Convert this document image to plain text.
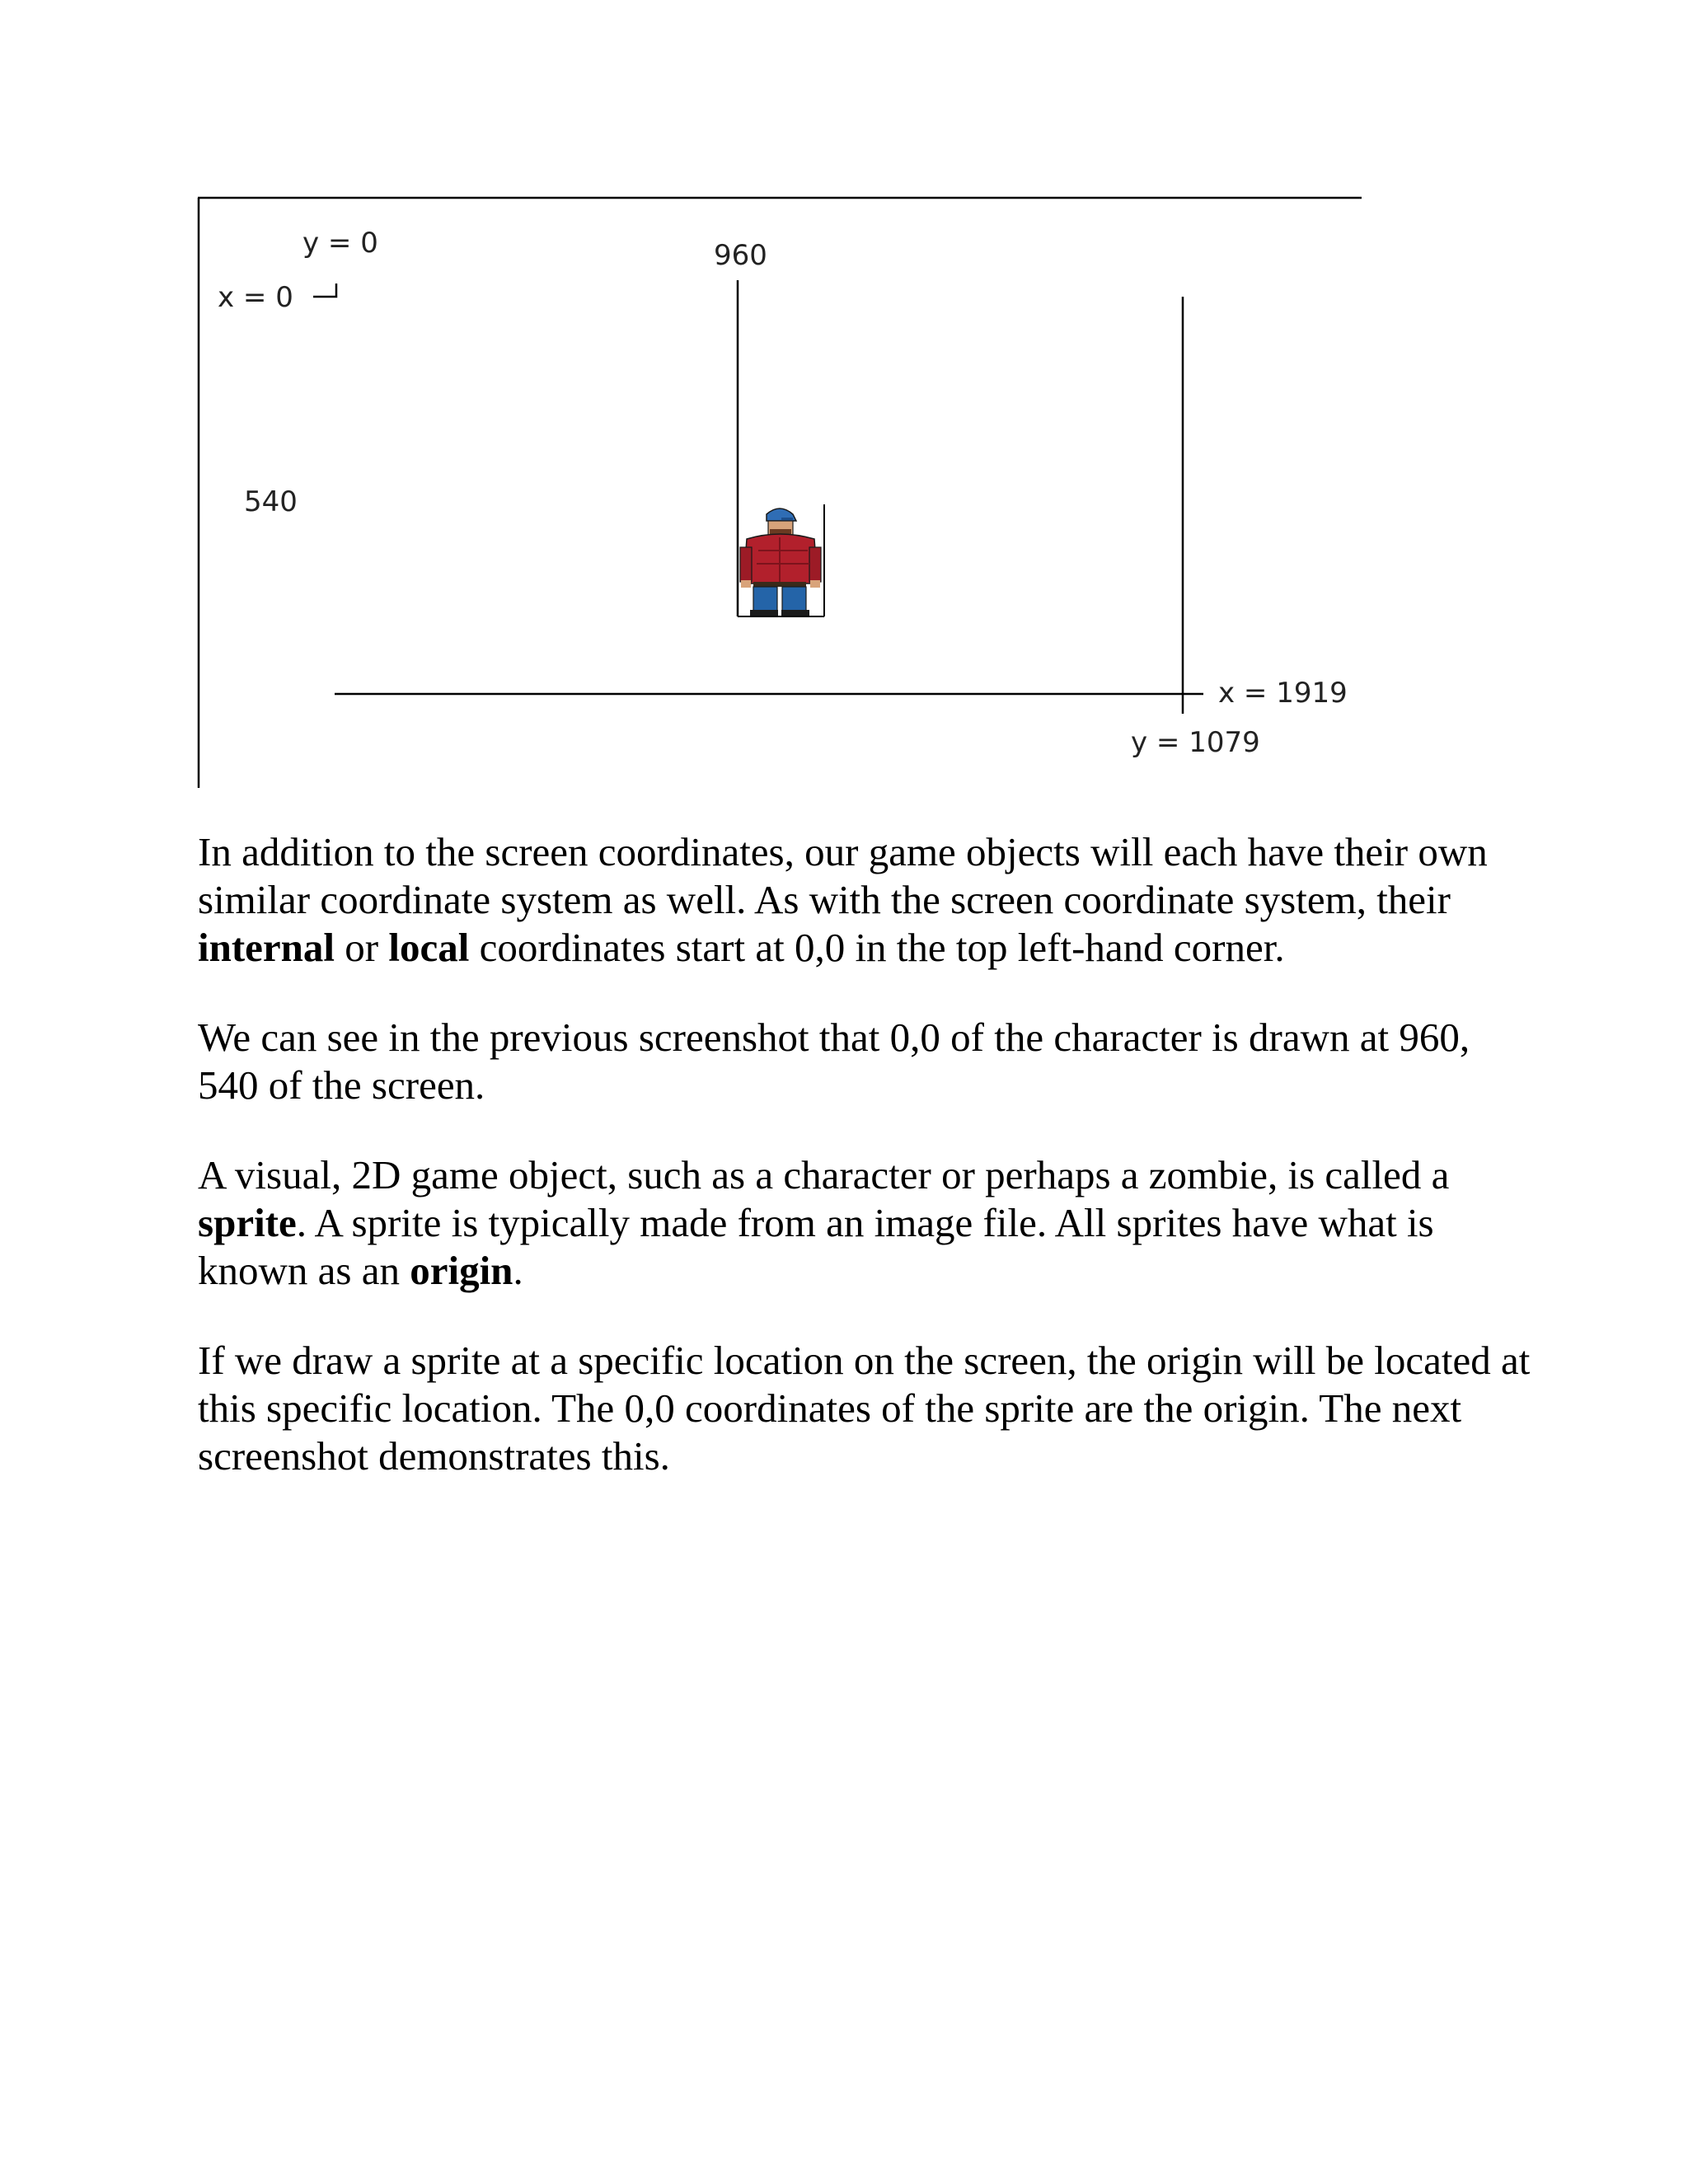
y = 0
x = 0
960
540
x = 1919
y = 1079

In addition to the screen coordinates, our game objects will each have their own similar coordinate system as well. As with the screen coordinate system, their internal or local coordinates start at 0,0 in the top left-hand corner.

We can see in the previous screenshot that 0,0 of the character is drawn at 960, 540 of the screen.

A visual, 2D game object, such as a character or perhaps a zombie, is called a sprite. A sprite is typically made from an image file. All sprites have what is known as an origin.

If we draw a sprite at a specific location on the screen, the origin will be located at this specific location. The 0,0 coordinates of the sprite are the origin. The next screenshot demonstrates this.
